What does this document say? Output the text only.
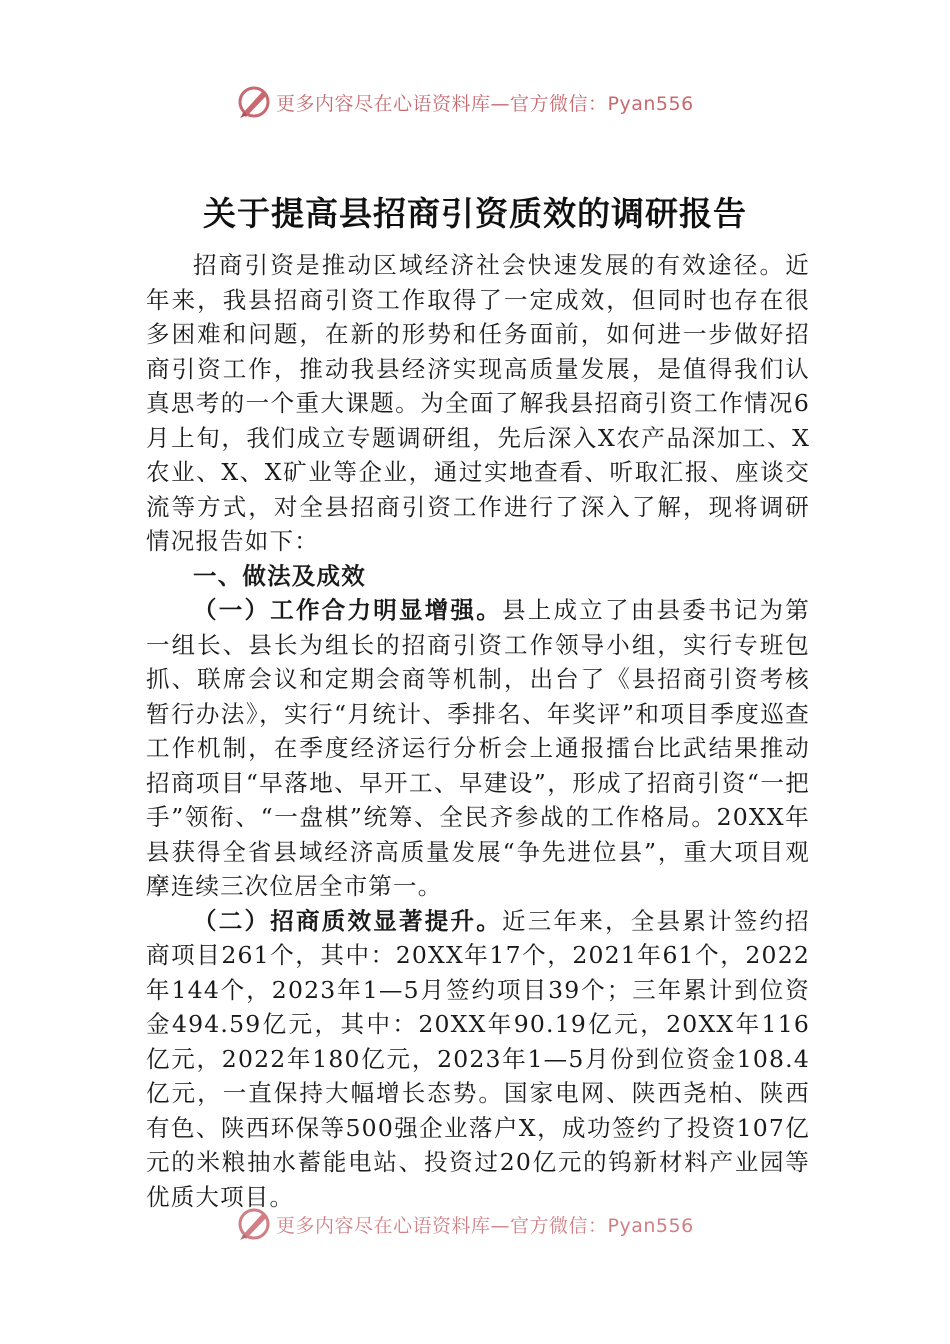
更多内容尽在心语资料库—官方微信：Pyan556
关于提高县招商引资质效的调研报告

招商引资是推动区域经济社会快速发展的有效途径。近年来，我县招商引资工作取得了一定成效，但同时也存在很多困难和问题，在新的形势和任务面前，如何进一步做好招商引资工作，推动我县经济实现高质量发展，是值得我们认真思考的一个重大课题。为全面了解我县招商引资工作情况6月上旬，我们成立专题调研组，先后深入X农产品深加工、X农业、X、X矿业等企业，通过实地查看、听取汇报、座谈交流等方式，对全县招商引资工作进行了深入了解，现将调研情况报告如下：

一、做法及成效

（一）工作合力明显增强。县上成立了由县委书记为第一组长、县长为组长的招商引资工作领导小组，实行专班包抓、联席会议和定期会商等机制，出台了《县招商引资考核暂行办法》，实行“月统计、季排名、年奖评”和项目季度巡查工作机制，在季度经济运行分析会上通报擂台比武结果推动招商项目“早落地、早开工、早建设”，形成了招商引资“一把手”领衔、“一盘棋”统筹、全民齐参战的工作格局。20XX年县获得全省县域经济高质量发展“争先进位县”，重大项目观摩连续三次位居全市第一。

（二）招商质效显著提升。近三年来，全县累计签约招商项目261个，其中：20XX年17个，2021年61个，2022年144个，2023年1—5月签约项目39个；三年累计到位资金494.59亿元，其中：20XX年90.19亿元，20XX年116亿元，2022年180亿元，2023年1—5月份到位资金108.4亿元，一直保持大幅增长态势。国家电网、陕西尧柏、陕西有色、陕西环保等500强企业落户X，成功签约了投资107亿元的米粮抽水蓄能电站、投资过20亿元的钨新材料产业园等优质大项目。

更多内容尽在心语资料库—官方微信：Pyan556
